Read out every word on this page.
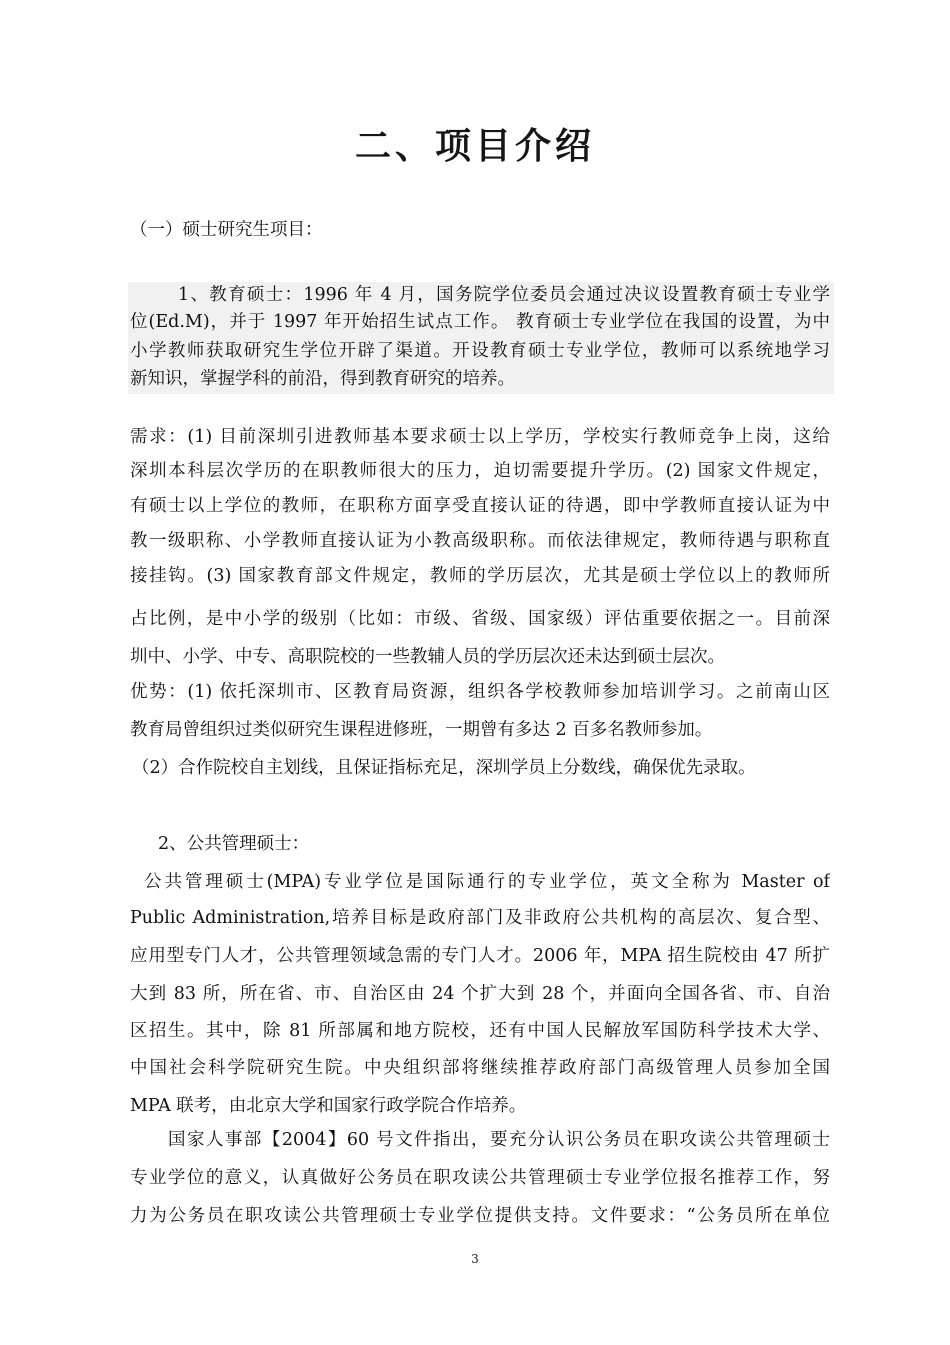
二、项目介绍
（一）硕士研究生项目：
1、教育硕士：1996 年 4 月，国务院学位委员会通过决议设置教育硕士专业学
位(Ed.M)，并于 1997 年开始招生试点工作。 教育硕士专业学位在我国的设置，为中
小学教师获取研究生学位开辟了渠道。开设教育硕士专业学位，教师可以系统地学习
新知识，掌握学科的前沿，得到教育研究的培养。
需求：(1) 目前深圳引进教师基本要求硕士以上学历，学校实行教师竞争上岗，这给
深圳本科层次学历的在职教师很大的压力，迫切需要提升学历。(2) 国家文件规定，
有硕士以上学位的教师，在职称方面享受直接认证的待遇，即中学教师直接认证为中
教一级职称、小学教师直接认证为小教高级职称。而依法律规定，教师待遇与职称直
接挂钩。(3) 国家教育部文件规定，教师的学历层次，尤其是硕士学位以上的教师所
占比例，是中小学的级别（比如：市级、省级、国家级）评估重要依据之一。目前深
圳中、小学、中专、高职院校的一些教辅人员的学历层次还未达到硕士层次。
优势：(1) 依托深圳市、区教育局资源，组织各学校教师参加培训学习。之前南山区
教育局曾组织过类似研究生课程进修班，一期曾有多达 2 百多名教师参加。
（2）合作院校自主划线，且保证指标充足，深圳学员上分数线，确保优先录取。
2、公共管理硕士：
公共管理硕士(MPA)专业学位是国际通行的专业学位，英文全称为 Master of
Public Administration,培养目标是政府部门及非政府公共机构的高层次、复合型、
应用型专门人才，公共管理领域急需的专门人才。2006 年，MPA 招生院校由 47 所扩
大到 83 所，所在省、市、自治区由 24 个扩大到 28 个，并面向全国各省、市、自治
区招生。其中，除 81 所部属和地方院校，还有中国人民解放军国防科学技术大学、
中国社会科学院研究生院。中央组织部将继续推荐政府部门高级管理人员参加全国
MPA 联考，由北京大学和国家行政学院合作培养。
国家人事部【2004】60 号文件指出，要充分认识公务员在职攻读公共管理硕士
专业学位的意义，认真做好公务员在职攻读公共管理硕士专业学位报名推荐工作，努
力为公务员在职攻读公共管理硕士专业学位提供支持。文件要求：“公务员所在单位
3
